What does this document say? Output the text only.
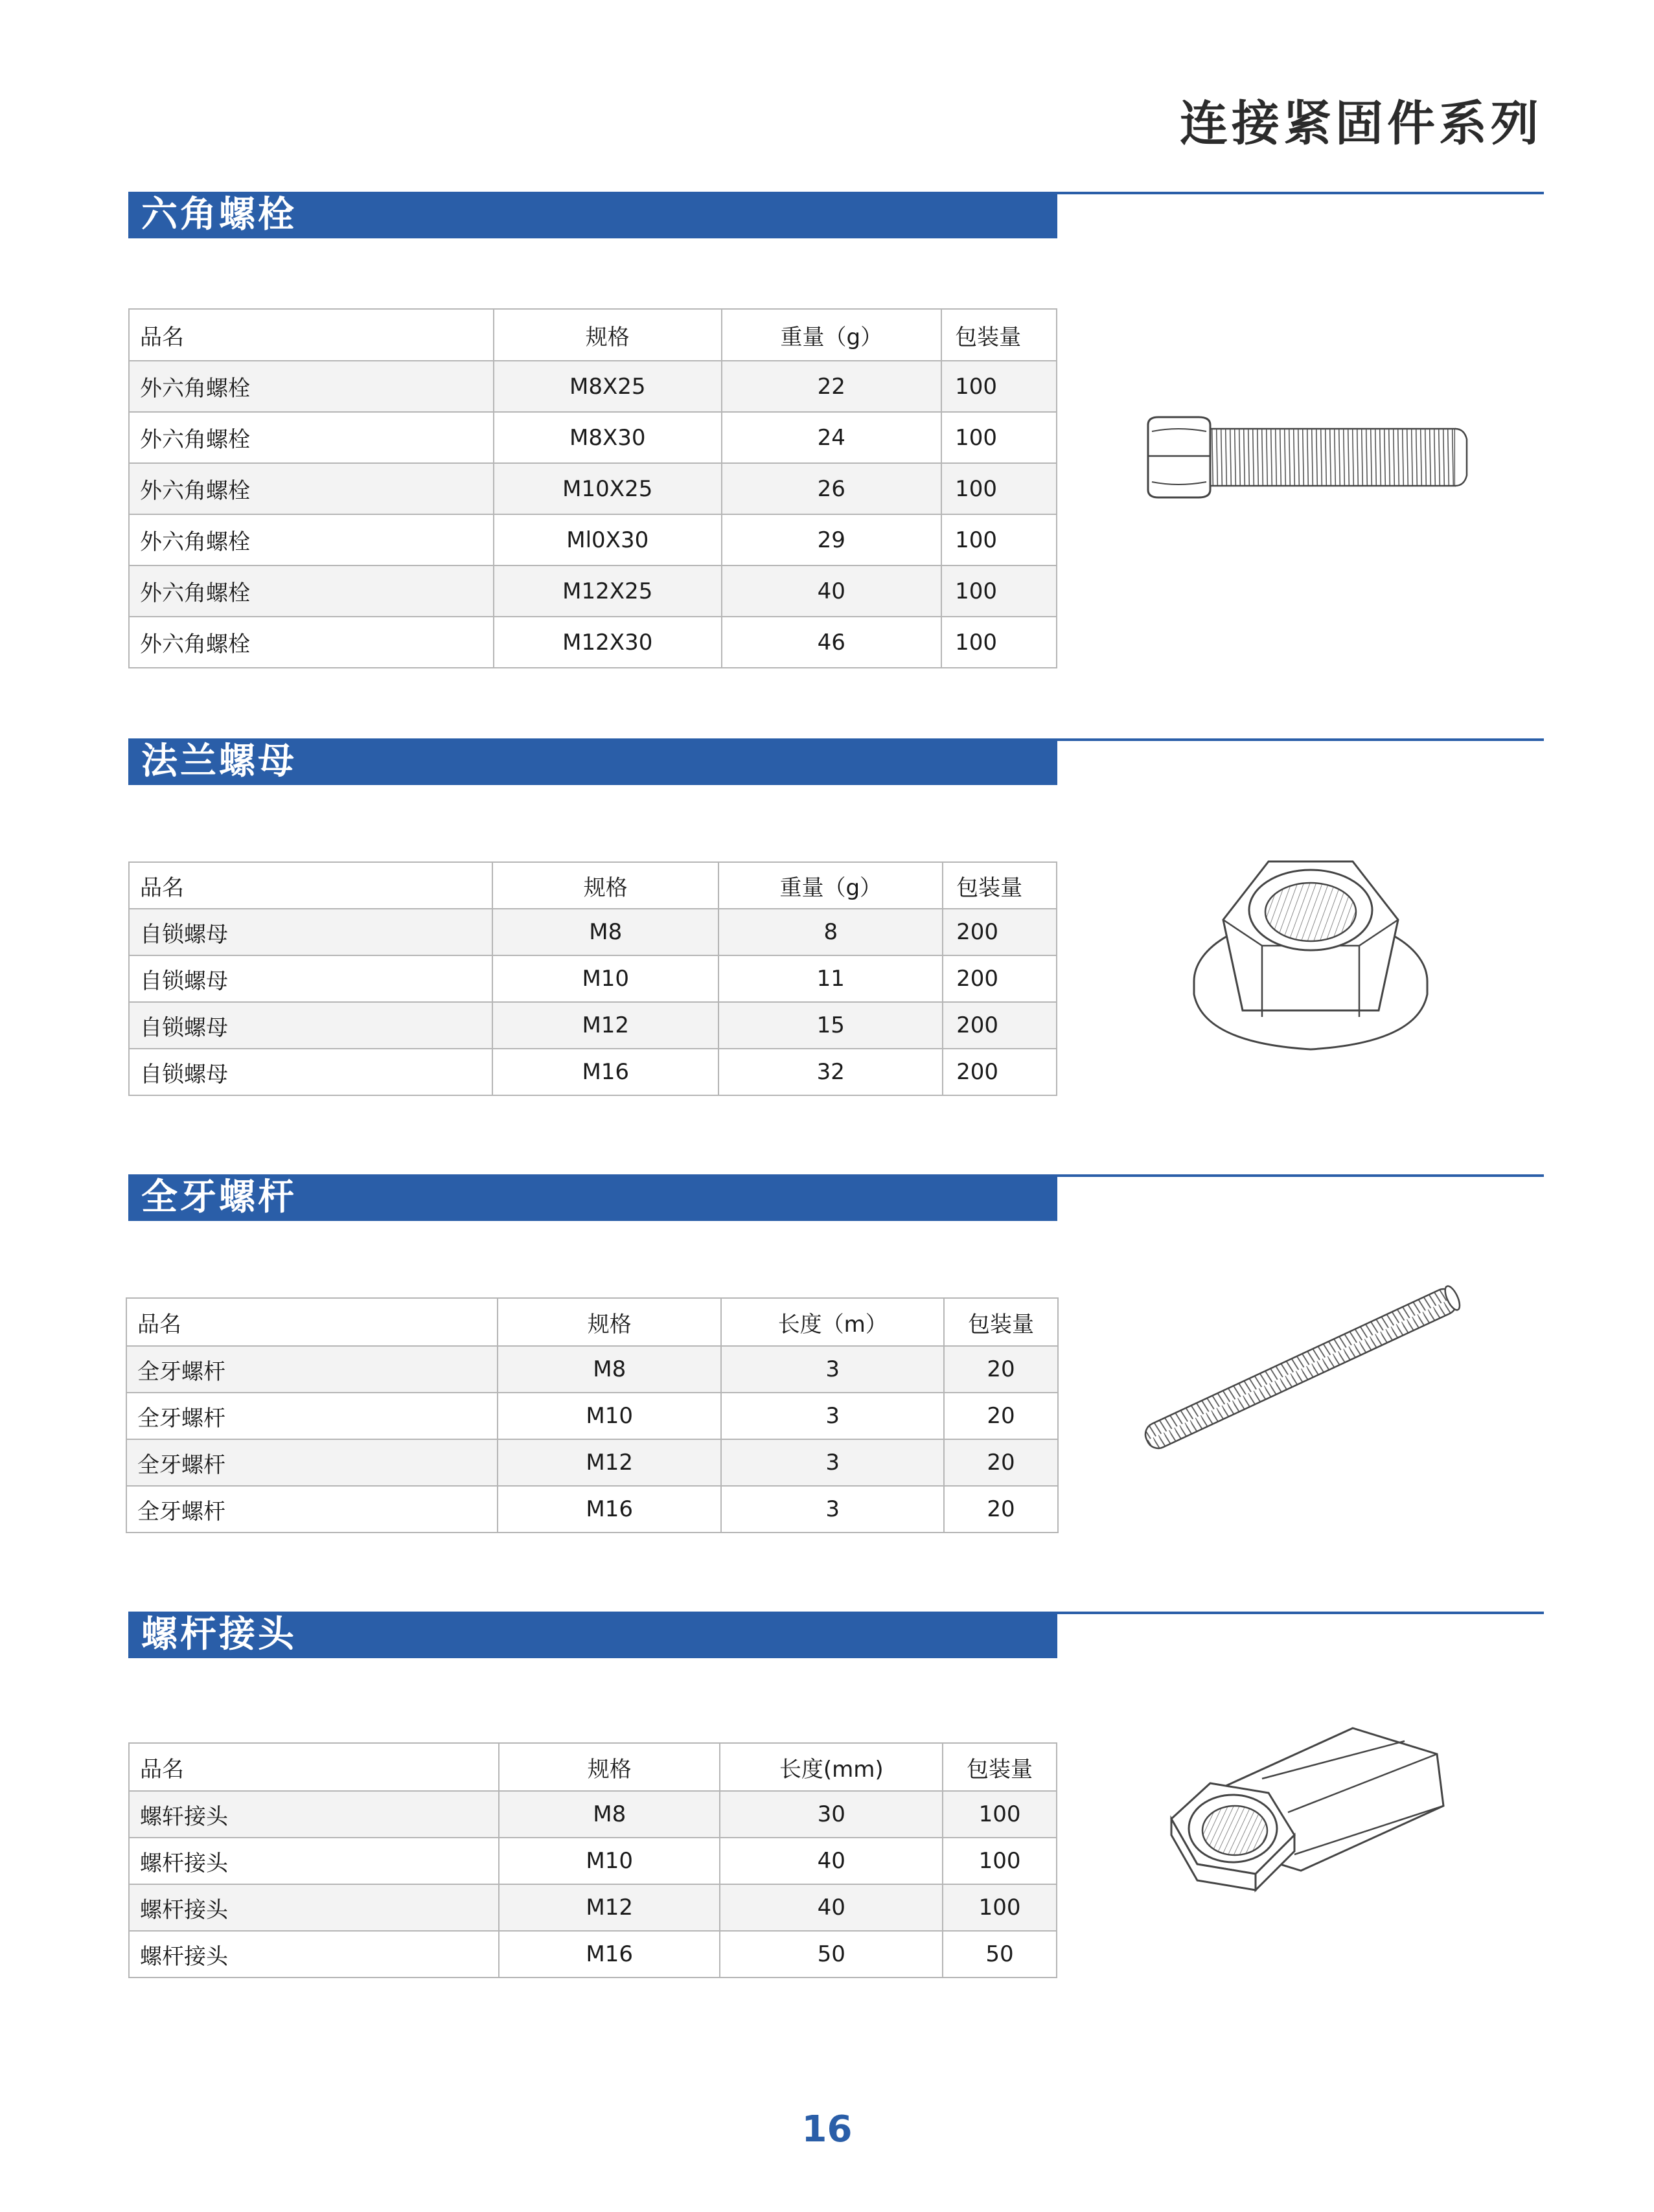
连接紧固件系列
六角螺栓
品名	规格	重量（g）	包装量
外六角螺栓	M8X25	22	100
外六角螺栓	M8X30	24	100
外六角螺栓	M10X25	26	100
外六角螺栓	Ml0X30	29	100
外六角螺栓	M12X25	40	100
外六角螺栓	M12X30	46	100
法兰螺母
品名	规格	重量（g）	包装量
自锁螺母	M8	8	200
自锁螺母	M10	11	200
自锁螺母	M12	15	200
自锁螺母	M16	32	200
全牙螺杆
品名	规格	长度（m）	包装量
全牙螺杆	M8	3	20
全牙螺杆	M10	3	20
全牙螺杆	M12	3	20
全牙螺杆	M16	3	20
螺杆接头
品名	规格	长度(mm)	包装量
螺轩接头	M8	30	100
螺杆接头	M10	40	100
螺杆接头	M12	40	100
螺杆接头	M16	50	50
16
